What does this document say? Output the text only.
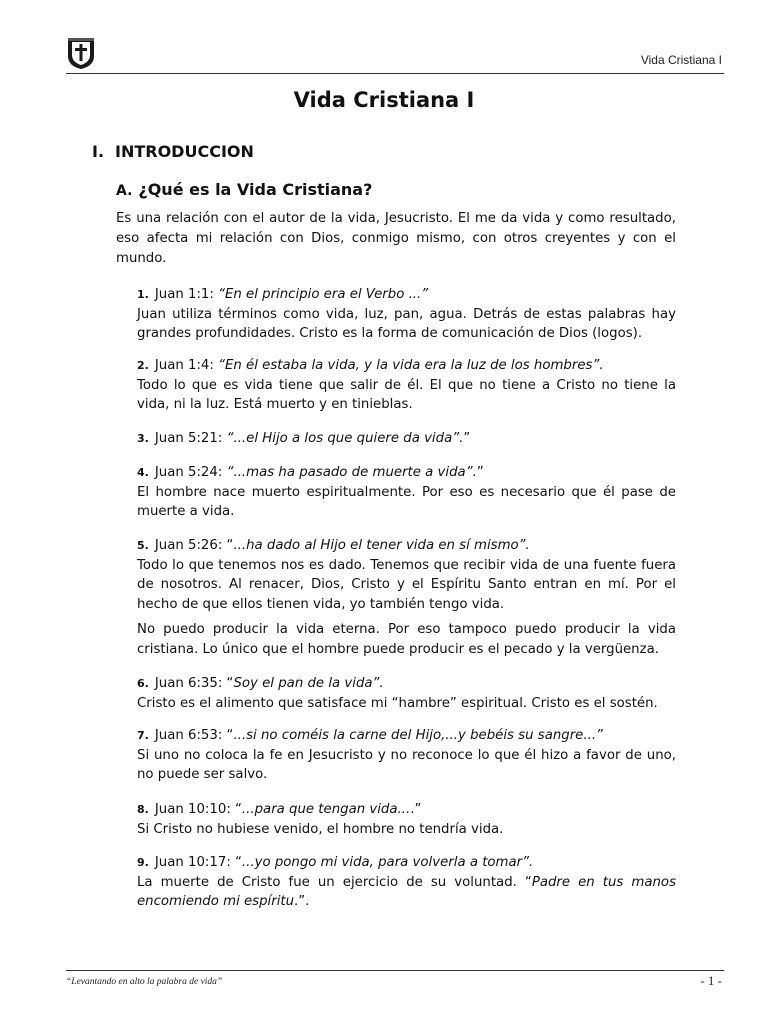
Vida Cristiana I
Vida Cristiana I
I. INTRODUCCION
A. ¿Qué es la Vida Cristiana?
Es una relación con el autor de la vida, Jesucristo. El me da vida y como resultado, eso afecta mi relación con Dios, conmigo mismo, con otros creyentes y con el mundo.

1. Juan 1:1: “En el principio era el Verbo ...”

Juan utiliza términos como vida, luz, pan, agua. Detrás de estas palabras hay grandes profundidades. Cristo es la forma de comunicación de Dios (logos).

2. Juan 1:4: “En él estaba la vida, y la vida era la luz de los hombres”.

Todo lo que es vida tiene que salir de él. El que no tiene a Cristo no tiene la vida, ni la luz. Está muerto y en tinieblas.

3. Juan 5:21: “...el Hijo a los que quiere da vida”.”

4. Juan 5:24: “...mas ha pasado de muerte a vida”.”

El hombre nace muerto espiritualmente. Por eso es necesario que él pase de muerte a vida.

5. Juan 5:26: “...ha dado al Hijo el tener vida en sí mismo”.

Todo lo que tenemos nos es dado. Tenemos que recibir vida de una fuente fuera de nosotros. Al renacer, Dios, Cristo y el Espíritu Santo entran en mí. Por el hecho de que ellos tienen vida, yo también tengo vida.

No puedo producir la vida eterna. Por eso tampoco puedo producir la vida cristiana. Lo único que el hombre puede producir es el pecado y la vergüenza.

6. Juan 6:35: “Soy el pan de la vida”.

Cristo es el alimento que satisface mi “hambre” espiritual. Cristo es el sostén.

7. Juan 6:53: “...si no coméis la carne del Hijo,...y bebéis su sangre...”

Si uno no coloca la fe en Jesucristo y no reconoce lo que él hizo a favor de uno, no puede ser salvo.

8. Juan 10:10: “...para que tengan vida....”

Si Cristo no hubiese venido, el hombre no tendría vida.

9. Juan 10:17: “...yo pongo mi vida, para volverla a tomar”.

La muerte de Cristo fue un ejercicio de su voluntad. “Padre en tus manos encomiendo mi espíritu.”.

“Levantando en alto la palabra de vida”	- 1 -
